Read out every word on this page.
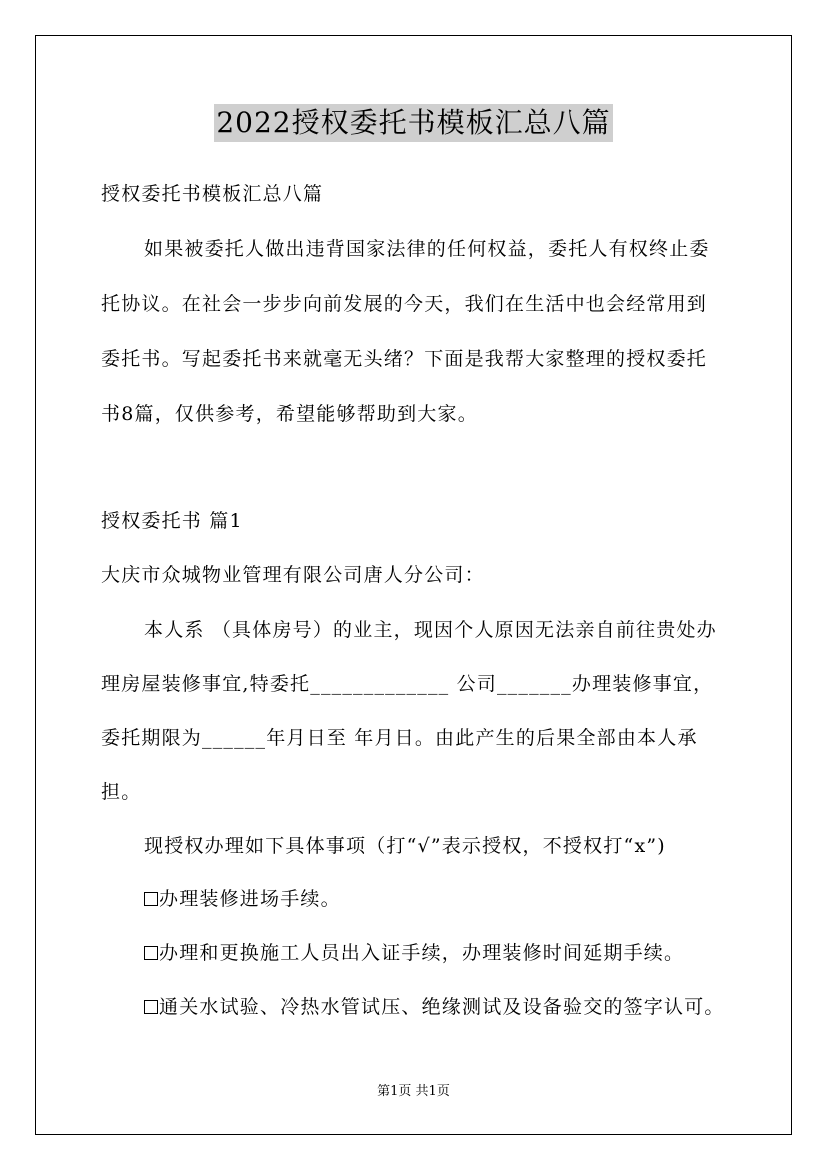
2022授权委托书模板汇总八篇
授权委托书模板汇总八篇
如果被委托人做出违背国家法律的任何权益，委托人有权终止委
托协议。在社会一步步向前发展的今天，我们在生活中也会经常用到
委托书。写起委托书来就毫无头绪？下面是我帮大家整理的授权委托
书8篇，仅供参考，希望能够帮助到大家。
授权委托书 篇1
大庆市众城物业管理有限公司唐人分公司：
本人系 （具体房号）的业主，现因个人原因无法亲自前往贵处办
理房屋装修事宜,特委托_____________ 公司_______办理装修事宜，
委托期限为______年月日至 年月日。由此产生的后果全部由本人承
担。
现授权办理如下具体事项（打“√”表示授权，不授权打“x”)
办理装修进场手续。
办理和更换施工人员出入证手续，办理装修时间延期手续。
通关水试验、冷热水管试压、绝缘测试及设备验交的签字认可。
第1页 共1页
